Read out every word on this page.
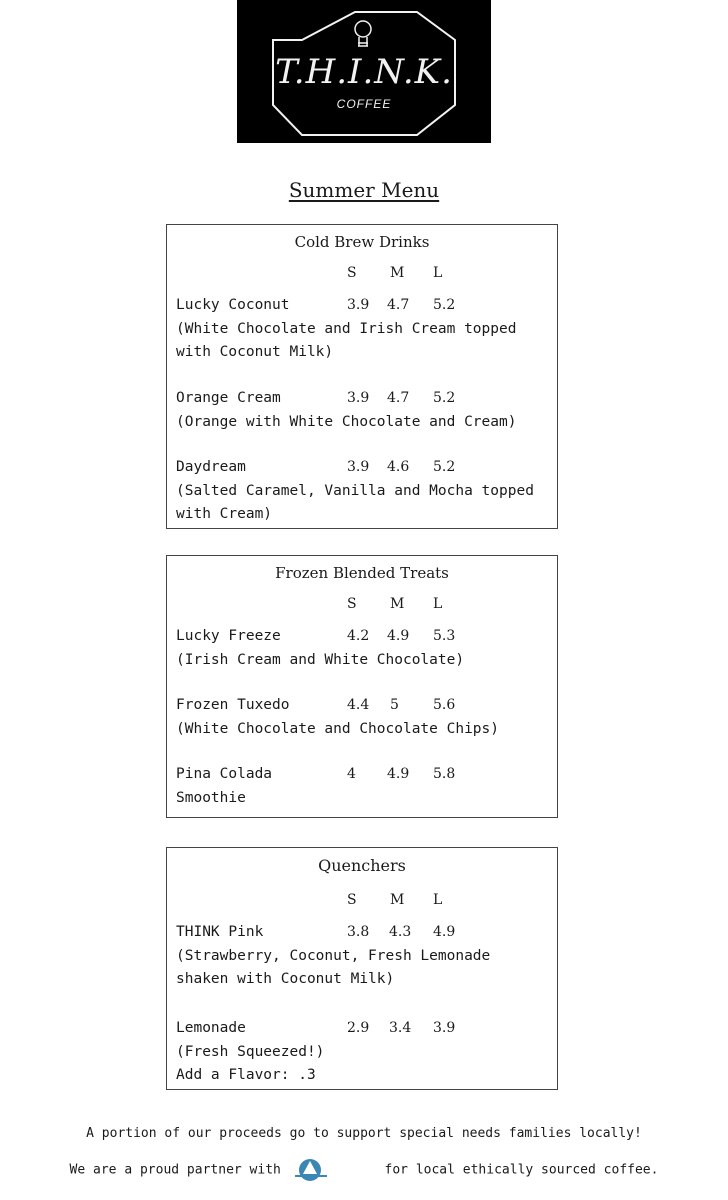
T.H.I.N.K.
COFFEE
Summer Menu
Cold Brew Drinks
S M L
Lucky Coconut	3.9 4.7 5.2
(White Chocolate and Irish Cream topped
with Coconut Milk)
Orange Cream	3.9 4.7 5.2
(Orange with White Chocolate and Cream)
Daydream	3.9 4.6 5.2
(Salted Caramel, Vanilla and Mocha topped
with Cream)
Frozen Blended Treats
S M L
Lucky Freeze	4.2 4.9 5.3
(Irish Cream and White Chocolate)
Frozen Tuxedo	4.4 5 5.6
(White Chocolate and Chocolate Chips)
Pina Colada	4 4.9 5.8
Smoothie
Quenchers
S M L
THINK Pink	3.8 4.3 4.9
(Strawberry, Coconut, Fresh Lemonade
shaken with Coconut Milk)
Lemonade	2.9 3.4 3.9
(Fresh Squeezed!)
Add a Flavor: .3
A portion of our proceeds go to support special needs families locally!
We are a proud partner with	for local ethically sourced coffee.
